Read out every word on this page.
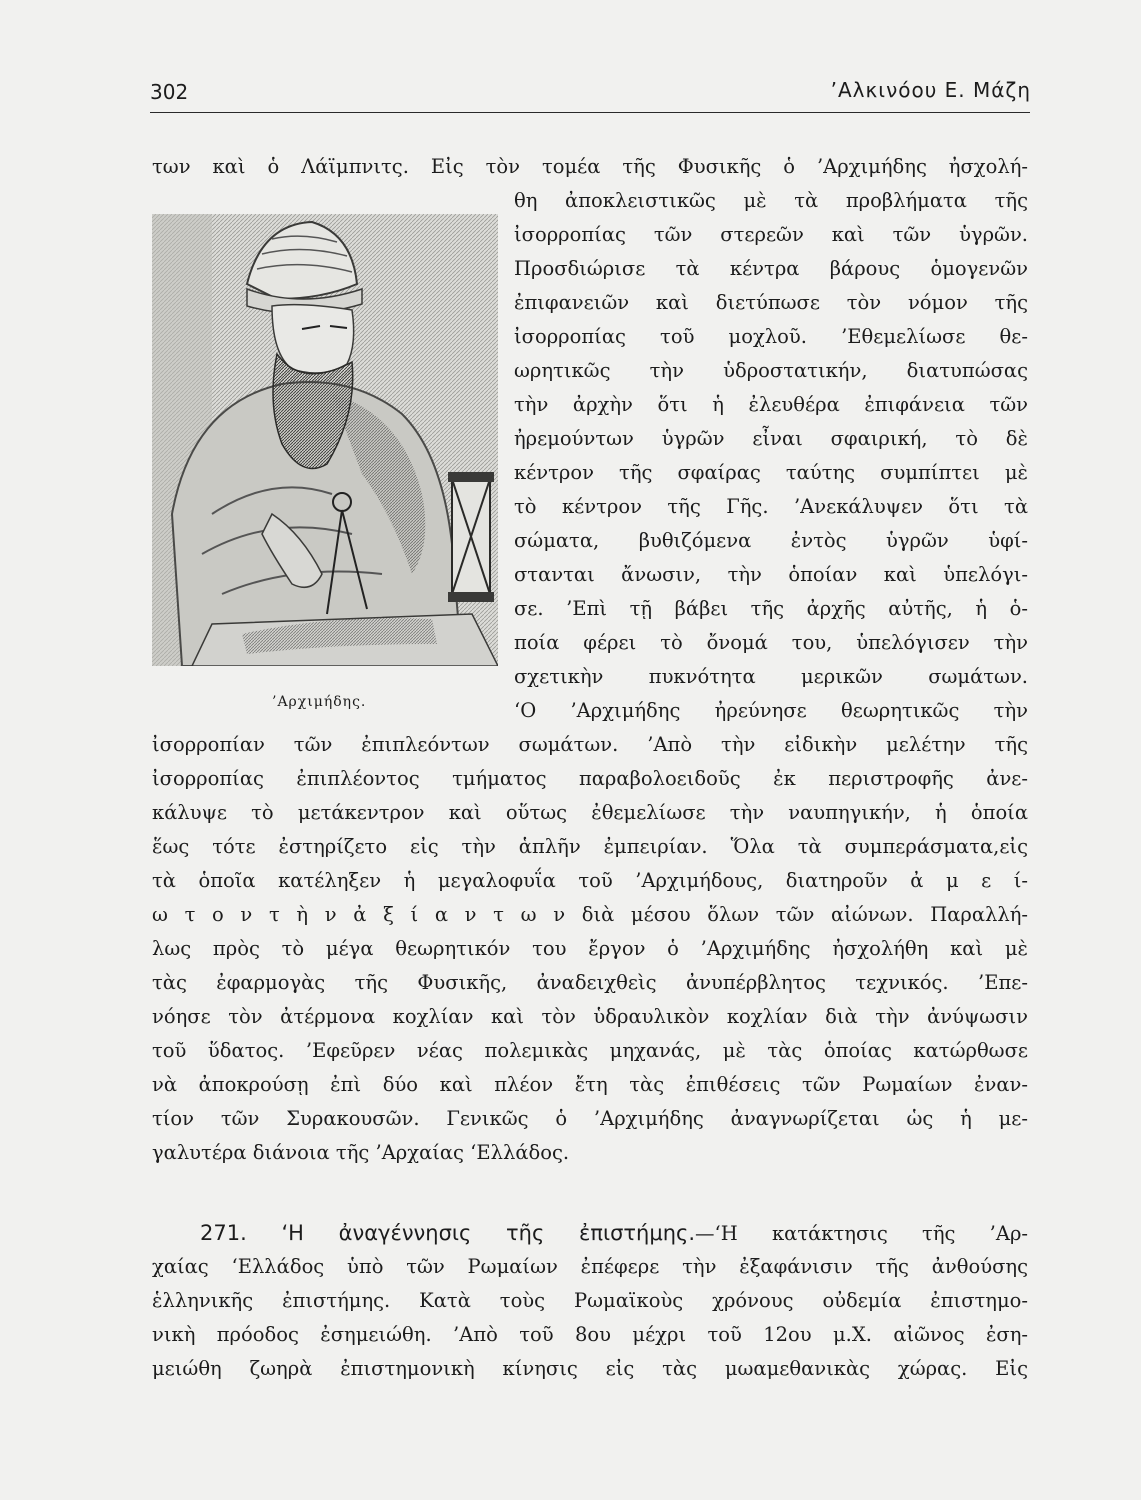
302	’Αλκινόου Ε. Μάζη
’Αρχιμήδης.

των καὶ ὁ Λάϊμπνιτς. Εἰς τὸν τομέα τῆς Φυσικῆς ὁ ’Αρχιμήδης ἠσχολή-

θη ἀποκλειστικῶς μὲ τὰ προβλήματα τῆς

ἰσορροπίας τῶν στερεῶν καὶ τῶν ὑγρῶν.

Προσδιώρισε τὰ κέντρα βάρους ὁμογενῶν

ἐπιφανειῶν καὶ διετύπωσε τὸν νόμον τῆς

ἰσορροπίας τοῦ μοχλοῦ. ’Εθεμελίωσε θε-

ωρητικῶς τὴν ὑδροστατικήν, διατυπώσας

τὴν ἀρχὴν ὅτι ἡ ἐλευθέρα ἐπιφάνεια τῶν

ἠρεμούντων ὑγρῶν εἶναι σφαιρική, τὸ δὲ

κέντρον τῆς σφαίρας ταύτης συμπίπτει μὲ

τὸ κέντρον τῆς Γῆς. ’Ανεκάλυψεν ὅτι τὰ

σώματα, βυθιζόμενα ἐντὸς ὑγρῶν ὑφί-

στανται ἄνωσιν, τὴν ὁποίαν καὶ ὑπελόγι-

σε. ’Επὶ τῇ βάβει τῆς ἀρχῆς αὐτῆς, ἡ ὁ-

ποία φέρει τὸ ὄνομά του, ὑπελόγισεν τὴν

σχετικὴν πυκνότητα μερικῶν σωμάτων.

‘Ο ’Αρχιμήδης ἠρεύνησε θεωρητικῶς τὴν

ἰσορροπίαν τῶν ἐπιπλεόντων σωμάτων. ’Απὸ τὴν εἰδικὴν μελέτην τῆς

ἰσορροπίας ἐπιπλέοντος τμήματος παραβολοειδοῦς ἐκ περιστροφῆς ἀνε-

κάλυψε τὸ μετάκεντρον καὶ οὕτως ἐθεμελίωσε τὴν ναυπηγικήν, ἡ ὁποία

ἕως τότε ἐστηρίζετο εἰς τὴν ἁπλῆν ἐμπειρίαν. Ὅλα τὰ συμπεράσματα,εἰς

τὰ ὁποῖα κατέληξεν ἡ μεγαλοφυΐα τοῦ ’Αρχιμήδους, διατηροῦν ἀ μ ε ί-

ω τ ο ν τ ὴ ν ἀ ξ ί α ν τ ω ν διὰ μέσου ὅλων τῶν αἰώνων. Παραλλή-

λως πρὸς τὸ μέγα θεωρητικόν του ἔργον ὁ ’Αρχιμήδης ἠσχολήθη καὶ μὲ

τὰς ἐφαρμογὰς τῆς Φυσικῆς, ἀναδειχθεὶς ἀνυπέρβλητος τεχνικός. ’Επε-

νόησε τὸν ἀτέρμονα κοχλίαν καὶ τὸν ὑδραυλικὸν κοχλίαν διὰ τὴν ἀνύψωσιν

τοῦ ὕδατος. ’Εφεῦρεν νέας πολεμικὰς μηχανάς, μὲ τὰς ὁποίας κατώρθωσε

νὰ ἀποκρούσῃ ἐπὶ δύο καὶ πλέον ἔτη τὰς ἐπιθέσεις τῶν Ρωμαίων ἐναν-

τίον τῶν Συρακουσῶν. Γενικῶς ὁ ’Αρχιμήδης ἀναγνωρίζεται ὡς ἡ με-

γαλυτέρα διάνοια τῆς ’Αρχαίας ‘Ελλάδος.

271. ‘Η ἀναγέννησις τῆς ἐπιστήμης.—‘Η κατάκτησις τῆς ’Αρ-

χαίας ‘Ελλάδος ὑπὸ τῶν Ρωμαίων ἐπέφερε τὴν ἐξαφάνισιν τῆς ἀνθούσης

ἑλληνικῆς ἐπιστήμης. Κατὰ τοὺς Ρωμαϊκοὺς χρόνους οὐδεμία ἐπιστημο-

νικὴ πρόοδος ἐσημειώθη. ’Απὸ τοῦ 8ου μέχρι τοῦ 12ου μ.Χ. αἰῶνος ἐση-

μειώθη ζωηρὰ ἐπιστημονικὴ κίνησις εἰς τὰς μωαμεθανικὰς χώρας. Εἰς
